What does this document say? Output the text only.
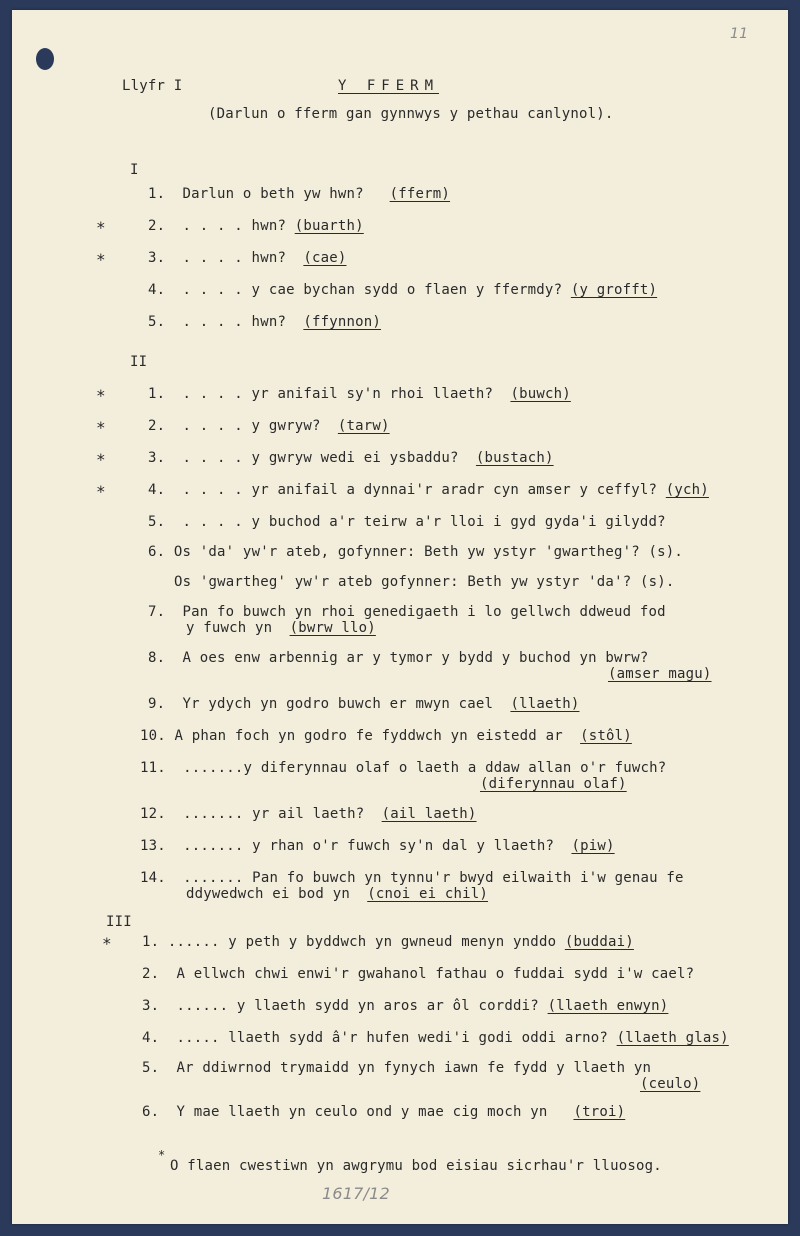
11
Llyfr I	Y FFERM
(Darlun o fferm gan gynnwys y pethau canlynol).
I
1. Darlun o beth yw hwn? (fferm)
*	2. . . . . hwn? (buarth)
*	3. . . . . hwn? (cae)
4. . . . . y cae bychan sydd o flaen y ffermdy? (y grofft)
5. . . . . hwn? (ffynnon)
II
*	1. . . . . yr anifail sy'n rhoi llaeth? (buwch)
*	2. . . . . y gwryw? (tarw)
*	3. . . . . y gwryw wedi ei ysbaddu? (bustach)
*	4. . . . . yr anifail a dynnai'r aradr cyn amser y ceffyl? (ych)
5. . . . . y buchod a'r teirw a'r lloi i gyd gyda'i gilydd?
6. Os 'da' yw'r ateb, gofynner: Beth yw ystyr 'gwartheg'? (s).
Os 'gwartheg' yw'r ateb gofynner: Beth yw ystyr 'da'? (s).
7. Pan fo buwch yn rhoi genedigaeth i lo gellwch ddweud fod
y fuwch yn (bwrw llo)
8. A oes enw arbennig ar y tymor y bydd y buchod yn bwrw?
(amser magu)
9. Yr ydych yn godro buwch er mwyn cael (llaeth)
10. A phan foch yn godro fe fyddwch yn eistedd ar (stôl)
11. .......y diferynnau olaf o laeth a ddaw allan o'r fuwch?
(diferynnau olaf)
12. ....... yr ail laeth? (ail laeth)
13. ....... y rhan o'r fuwch sy'n dal y llaeth? (piw)
14. ....... Pan fo buwch yn tynnu'r bwyd eilwaith i'w genau fe
ddywedwch ei bod yn (cnoi ei chil)
III
* 1. ...... y peth y byddwch yn gwneud menyn ynddo (buddai)
2. A ellwch chwi enwi'r gwahanol fathau o fuddai sydd i'w cael?
3. ...... y llaeth sydd yn aros ar ôl corddi? (llaeth enwyn)
4. ..... llaeth sydd â'r hufen wedi'i godi oddi arno? (llaeth glas)
5. Ar ddiwrnod trymaidd yn fynych iawn fe fydd y llaeth yn
(ceulo)
6. Y mae llaeth yn ceulo ond y mae cig moch yn (troi)
*
O flaen cwestiwn yn awgrymu bod eisiau sicrhau'r lluosog.
1617/12
